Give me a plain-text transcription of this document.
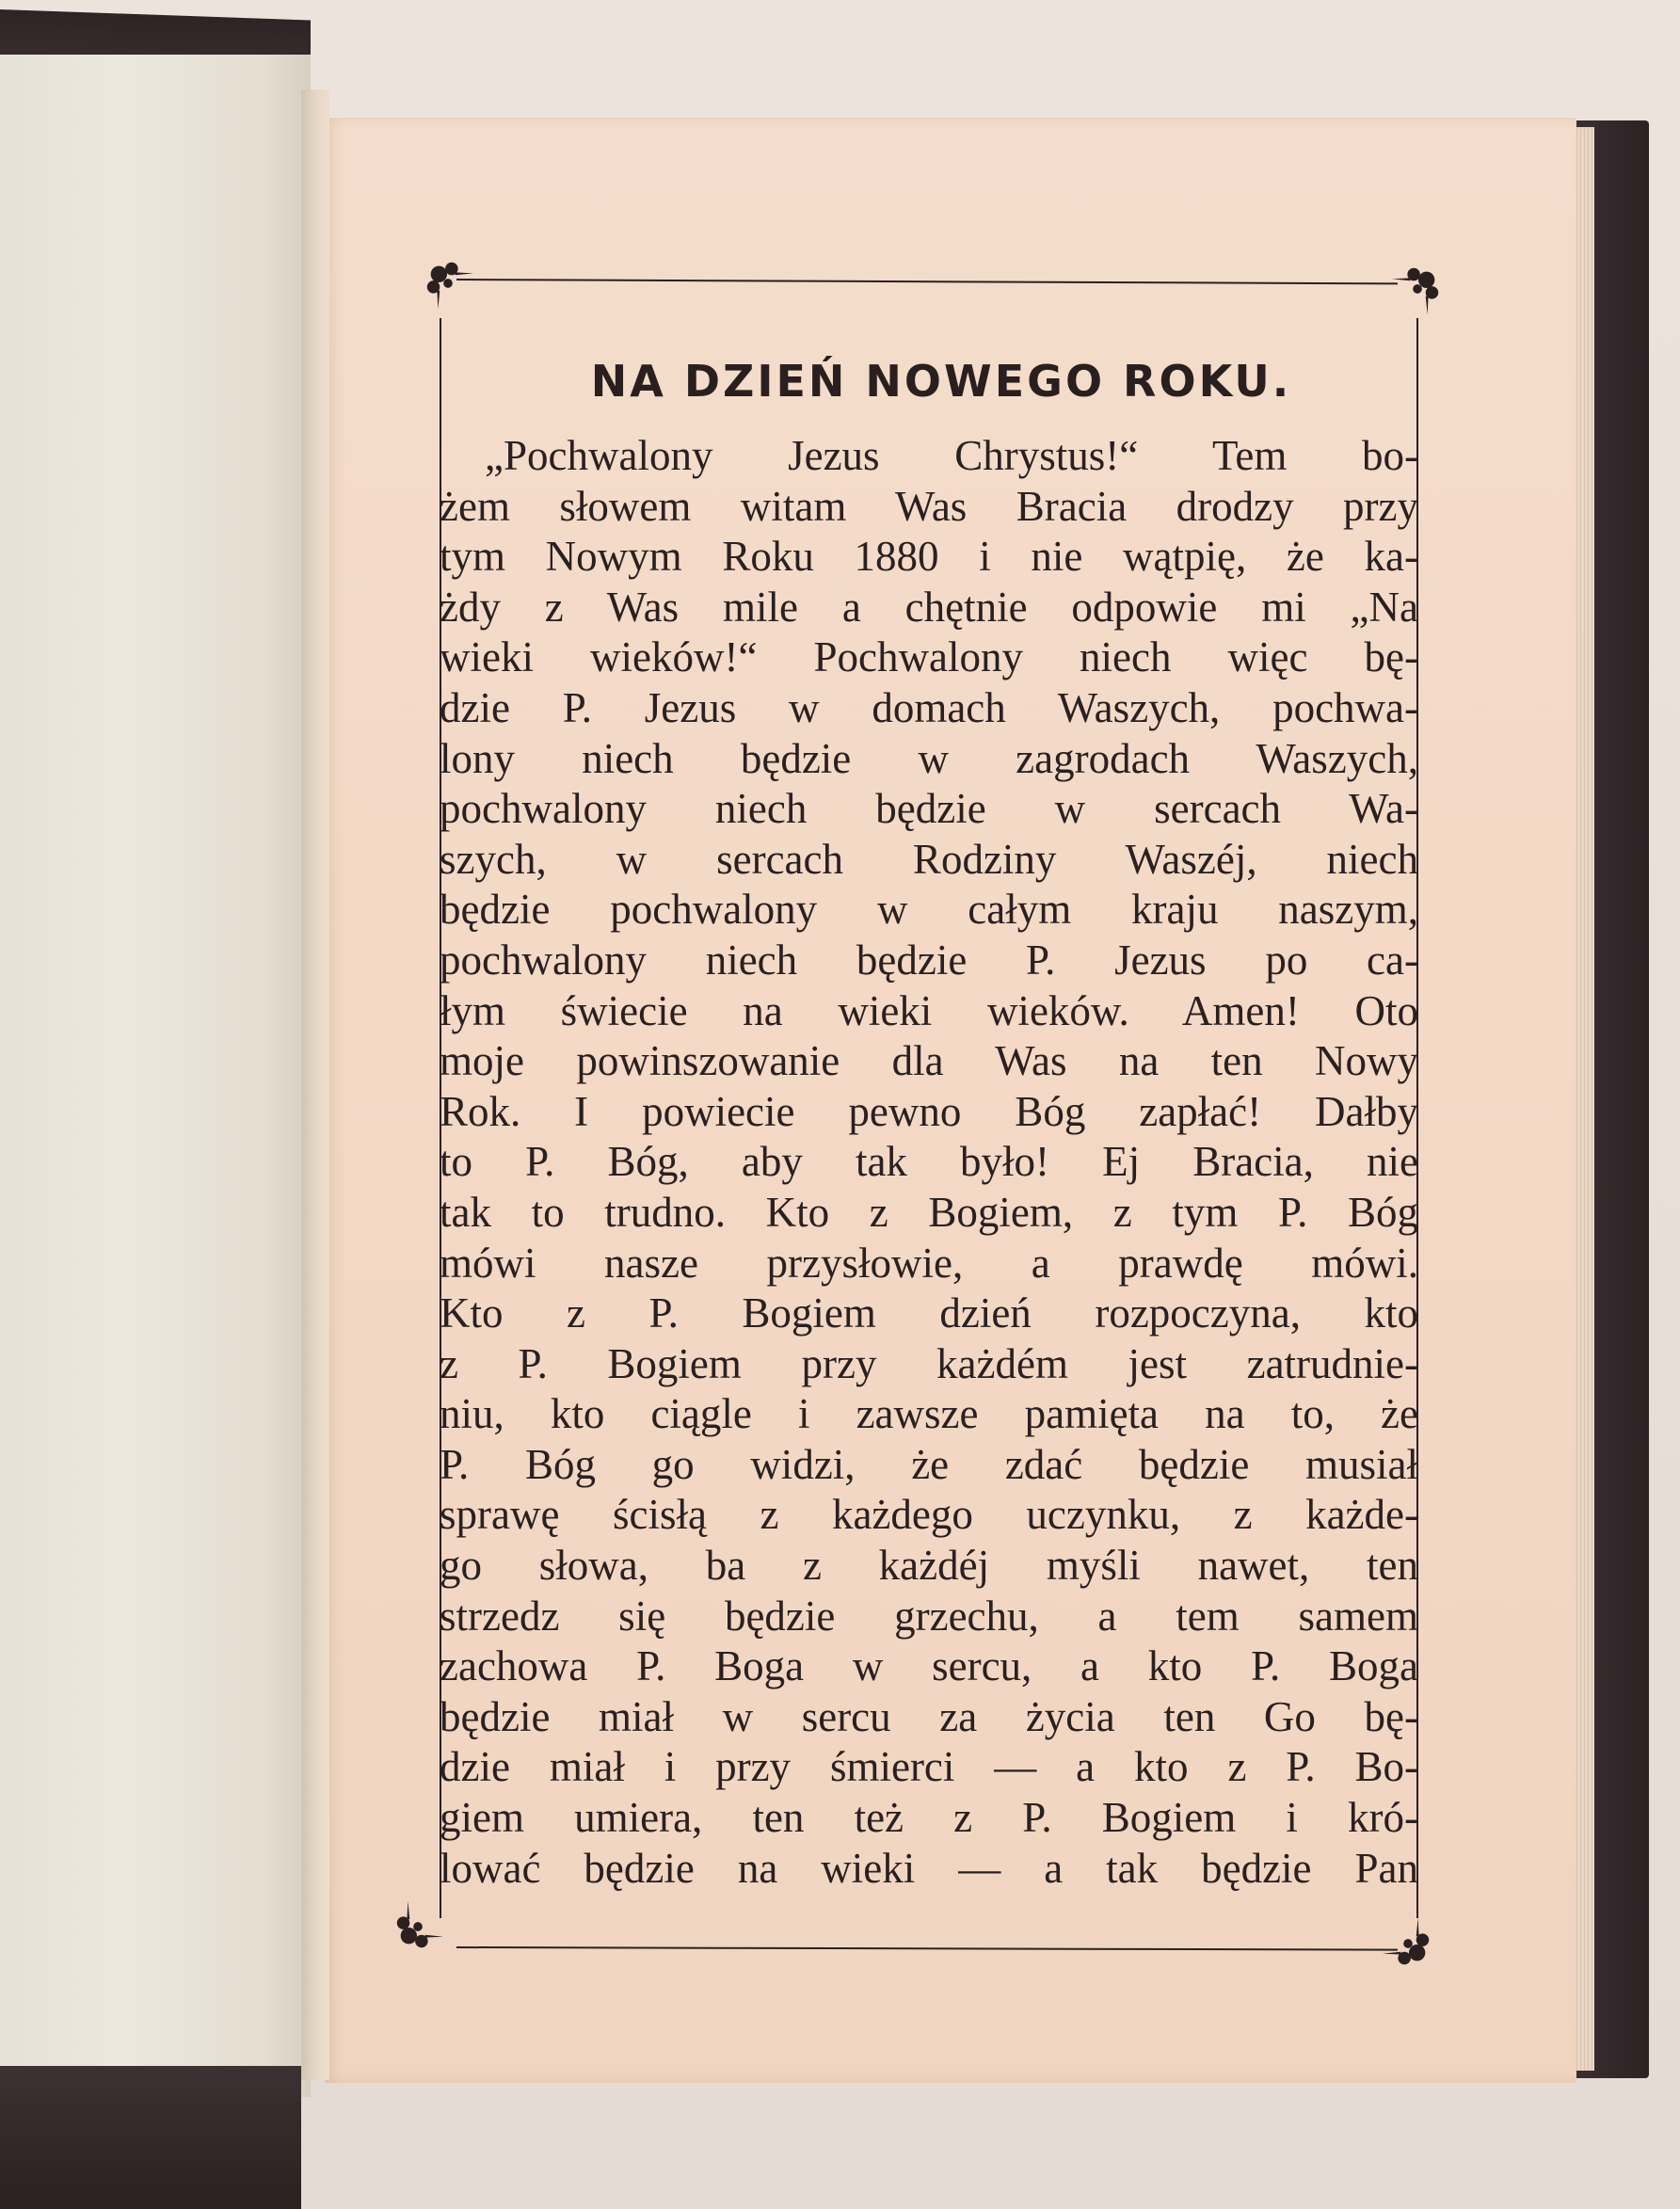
NA DZIEŃ NOWEGO ROKU.
„Pochwalony Jezus Chrystus!“ Tem bo-
żem słowem witam Was Bracia drodzy przy
tym Nowym Roku 1880 i nie wątpię, że ka-
żdy z Was mile a chętnie odpowie mi „Na
wieki wieków!“ Pochwalony niech więc bę-
dzie P. Jezus w domach Waszych, pochwa-
lony niech będzie w zagrodach Waszych,
pochwalony niech będzie w sercach Wa-
szych, w sercach Rodziny Waszéj, niech
będzie pochwalony w całym kraju naszym,
pochwalony niech będzie P. Jezus po ca-
łym świecie na wieki wieków. Amen! Oto
moje powinszowanie dla Was na ten Nowy
Rok. I powiecie pewno Bóg zapłać! Dałby
to P. Bóg, aby tak było! Ej Bracia, nie
tak to trudno. Kto z Bogiem, z tym P. Bóg
mówi nasze przysłowie, a prawdę mówi.
Kto z P. Bogiem dzień rozpoczyna, kto
z P. Bogiem przy każdém jest zatrudnie-
niu, kto ciągle i zawsze pamięta na to, że
P. Bóg go widzi, że zdać będzie musiał
sprawę ścisłą z każdego uczynku, z każde-
go słowa, ba z każdéj myśli nawet, ten
strzedz się będzie grzechu, a tem samem
zachowa P. Boga w sercu, a kto P. Boga
będzie miał w sercu za życia ten Go bę-
dzie miał i przy śmierci — a kto z P. Bo-
giem umiera, ten też z P. Bogiem i kró-
lować będzie na wieki — a tak będzie Pan
